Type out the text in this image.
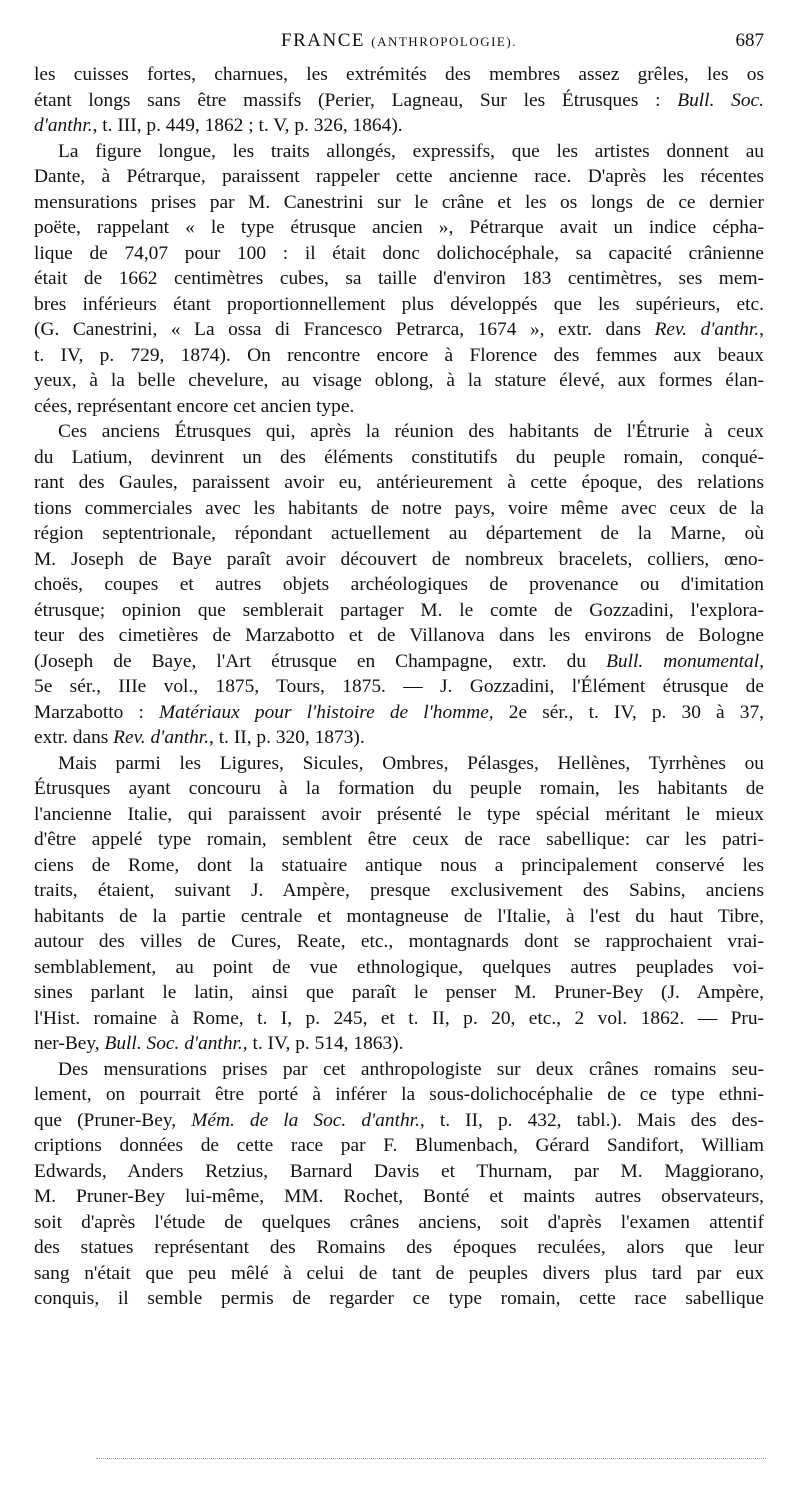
FRANCE (ANTHROPOLOGIE).	687

les cuisses fortes, charnues, les extrémités des membres assez grêles, les os
étant longs sans être massifs (Perier, Lagneau, Sur les Étrusques : Bull. Soc.
d'anthr., t. III, p. 449, 1862 ; t. V, p. 326, 1864).

La figure longue, les traits allongés, expressifs, que les artistes donnent au
Dante, à Pétrarque, paraissent rappeler cette ancienne race. D'après les récentes
mensurations prises par M. Canestrini sur le crâne et les os longs de ce dernier
poëte, rappelant « le type étrusque ancien », Pétrarque avait un indice cépha-
lique de 74,07 pour 100 : il était donc dolichocéphale, sa capacité crânienne
était de 1662 centimètres cubes, sa taille d'environ 183 centimètres, ses mem-
bres inférieurs étant proportionnellement plus développés que les supérieurs, etc.
(G. Canestrini, « La ossa di Francesco Petrarca, 1674 », extr. dans Rev. d'anthr.,
t. IV, p. 729, 1874). On rencontre encore à Florence des femmes aux beaux
yeux, à la belle chevelure, au visage oblong, à la stature élevé, aux formes élan-
cées, représentant encore cet ancien type.

Ces anciens Étrusques qui, après la réunion des habitants de l'Étrurie à ceux
du Latium, devinrent un des éléments constitutifs du peuple romain, conqué-
rant des Gaules, paraissent avoir eu, antérieurement à cette époque, des relations
tions commerciales avec les habitants de notre pays, voire même avec ceux de la
région septentrionale, répondant actuellement au département de la Marne, où
M. Joseph de Baye paraît avoir découvert de nombreux bracelets, colliers, œno-
choës, coupes et autres objets archéologiques de provenance ou d'imitation
étrusque; opinion que semblerait partager M. le comte de Gozzadini, l'explora-
teur des cimetières de Marzabotto et de Villanova dans les environs de Bologne
(Joseph de Baye, l'Art étrusque en Champagne, extr. du Bull. monumental,
5e sér., IIIe vol., 1875, Tours, 1875. — J. Gozzadini, l'Élément étrusque de
Marzabotto : Matériaux pour l'histoire de l'homme, 2e sér., t. IV, p. 30 à 37,
extr. dans Rev. d'anthr., t. II, p. 320, 1873).

Mais parmi les Ligures, Sicules, Ombres, Pélasges, Hellènes, Tyrrhènes ou
Étrusques ayant concouru à la formation du peuple romain, les habitants de
l'ancienne Italie, qui paraissent avoir présenté le type spécial méritant le mieux
d'être appelé type romain, semblent être ceux de race sabellique: car les patri-
ciens de Rome, dont la statuaire antique nous a principalement conservé les
traits, étaient, suivant J. Ampère, presque exclusivement des Sabins, anciens
habitants de la partie centrale et montagneuse de l'Italie, à l'est du haut Tibre,
autour des villes de Cures, Reate, etc., montagnards dont se rapprochaient vrai-
semblablement, au point de vue ethnologique, quelques autres peuplades voi-
sines parlant le latin, ainsi que paraît le penser M. Pruner-Bey (J. Ampère,
l'Hist. romaine à Rome, t. I, p. 245, et t. II, p. 20, etc., 2 vol. 1862. — Pru-
ner-Bey, Bull. Soc. d'anthr., t. IV, p. 514, 1863).

Des mensurations prises par cet anthropologiste sur deux crânes romains seu-
lement, on pourrait être porté à inférer la sous-dolichocéphalie de ce type ethni-
que (Pruner-Bey, Mém. de la Soc. d'anthr., t. II, p. 432, tabl.). Mais des des-
criptions données de cette race par F. Blumenbach, Gérard Sandifort, William
Edwards, Anders Retzius, Barnard Davis et Thurnam, par M. Maggiorano,
M. Pruner-Bey lui-même, MM. Rochet, Bonté et maints autres observateurs,
soit d'après l'étude de quelques crânes anciens, soit d'après l'examen attentif
des statues représentant des Romains des époques reculées, alors que leur
sang n'était que peu mêlé à celui de tant de peuples divers plus tard par eux
conquis, il semble permis de regarder ce type romain, cette race sabellique
